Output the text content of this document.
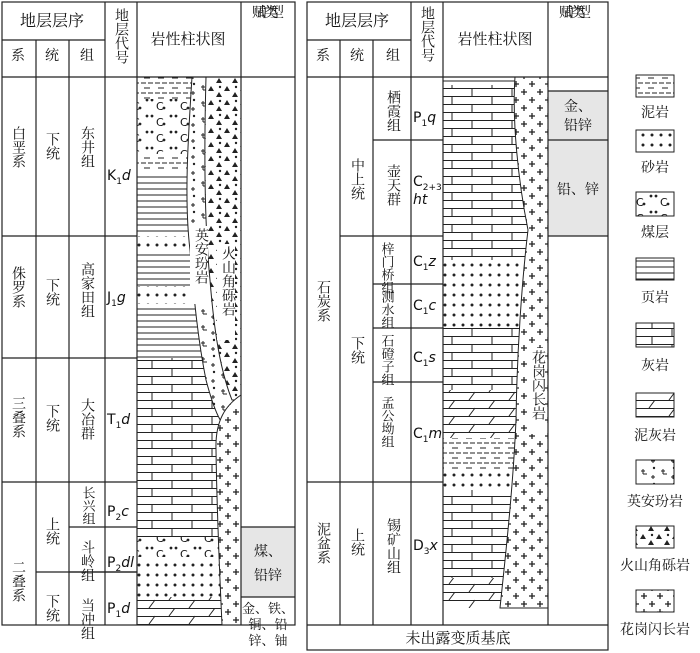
地层层序
系 统 组 地层代号 岩性柱状图
赋矿类型
英安玢岩 火山角砾岩
煤、
铅锌
金、铁、
铜、铅
锌、铀
白垩系
侏罗系
三叠系
二叠系
下统
下统
下统
上统
下统
东井组
高家田组
大冶群
长兴组
斗岭组
当冲组
$K_1d$
$J_1g$
$T_1d$
$P_2c$
$P_2dl$
$P_1d$
地层层序
系 统 组 地层代号 岩性柱状图
赋矿类型
花岗闪长岩
金、
铅锌
铅、锌
石炭系
泥盆系
中上统
下统
上统
栖霞组
壶天群
梓门桥组
测水组
石磴子组
孟公坳组
锡矿山组
$P_1q$
$C_{2+3}$
ht
$C_1z$
$C_1c$
$C_1s$
$C_1m$
$D_3x$
未出露变质基底
泥岩
砂岩
煤层
页岩
灰岩
泥灰岩
英安玢岩
火山角砾岩
花岗闪长岩
